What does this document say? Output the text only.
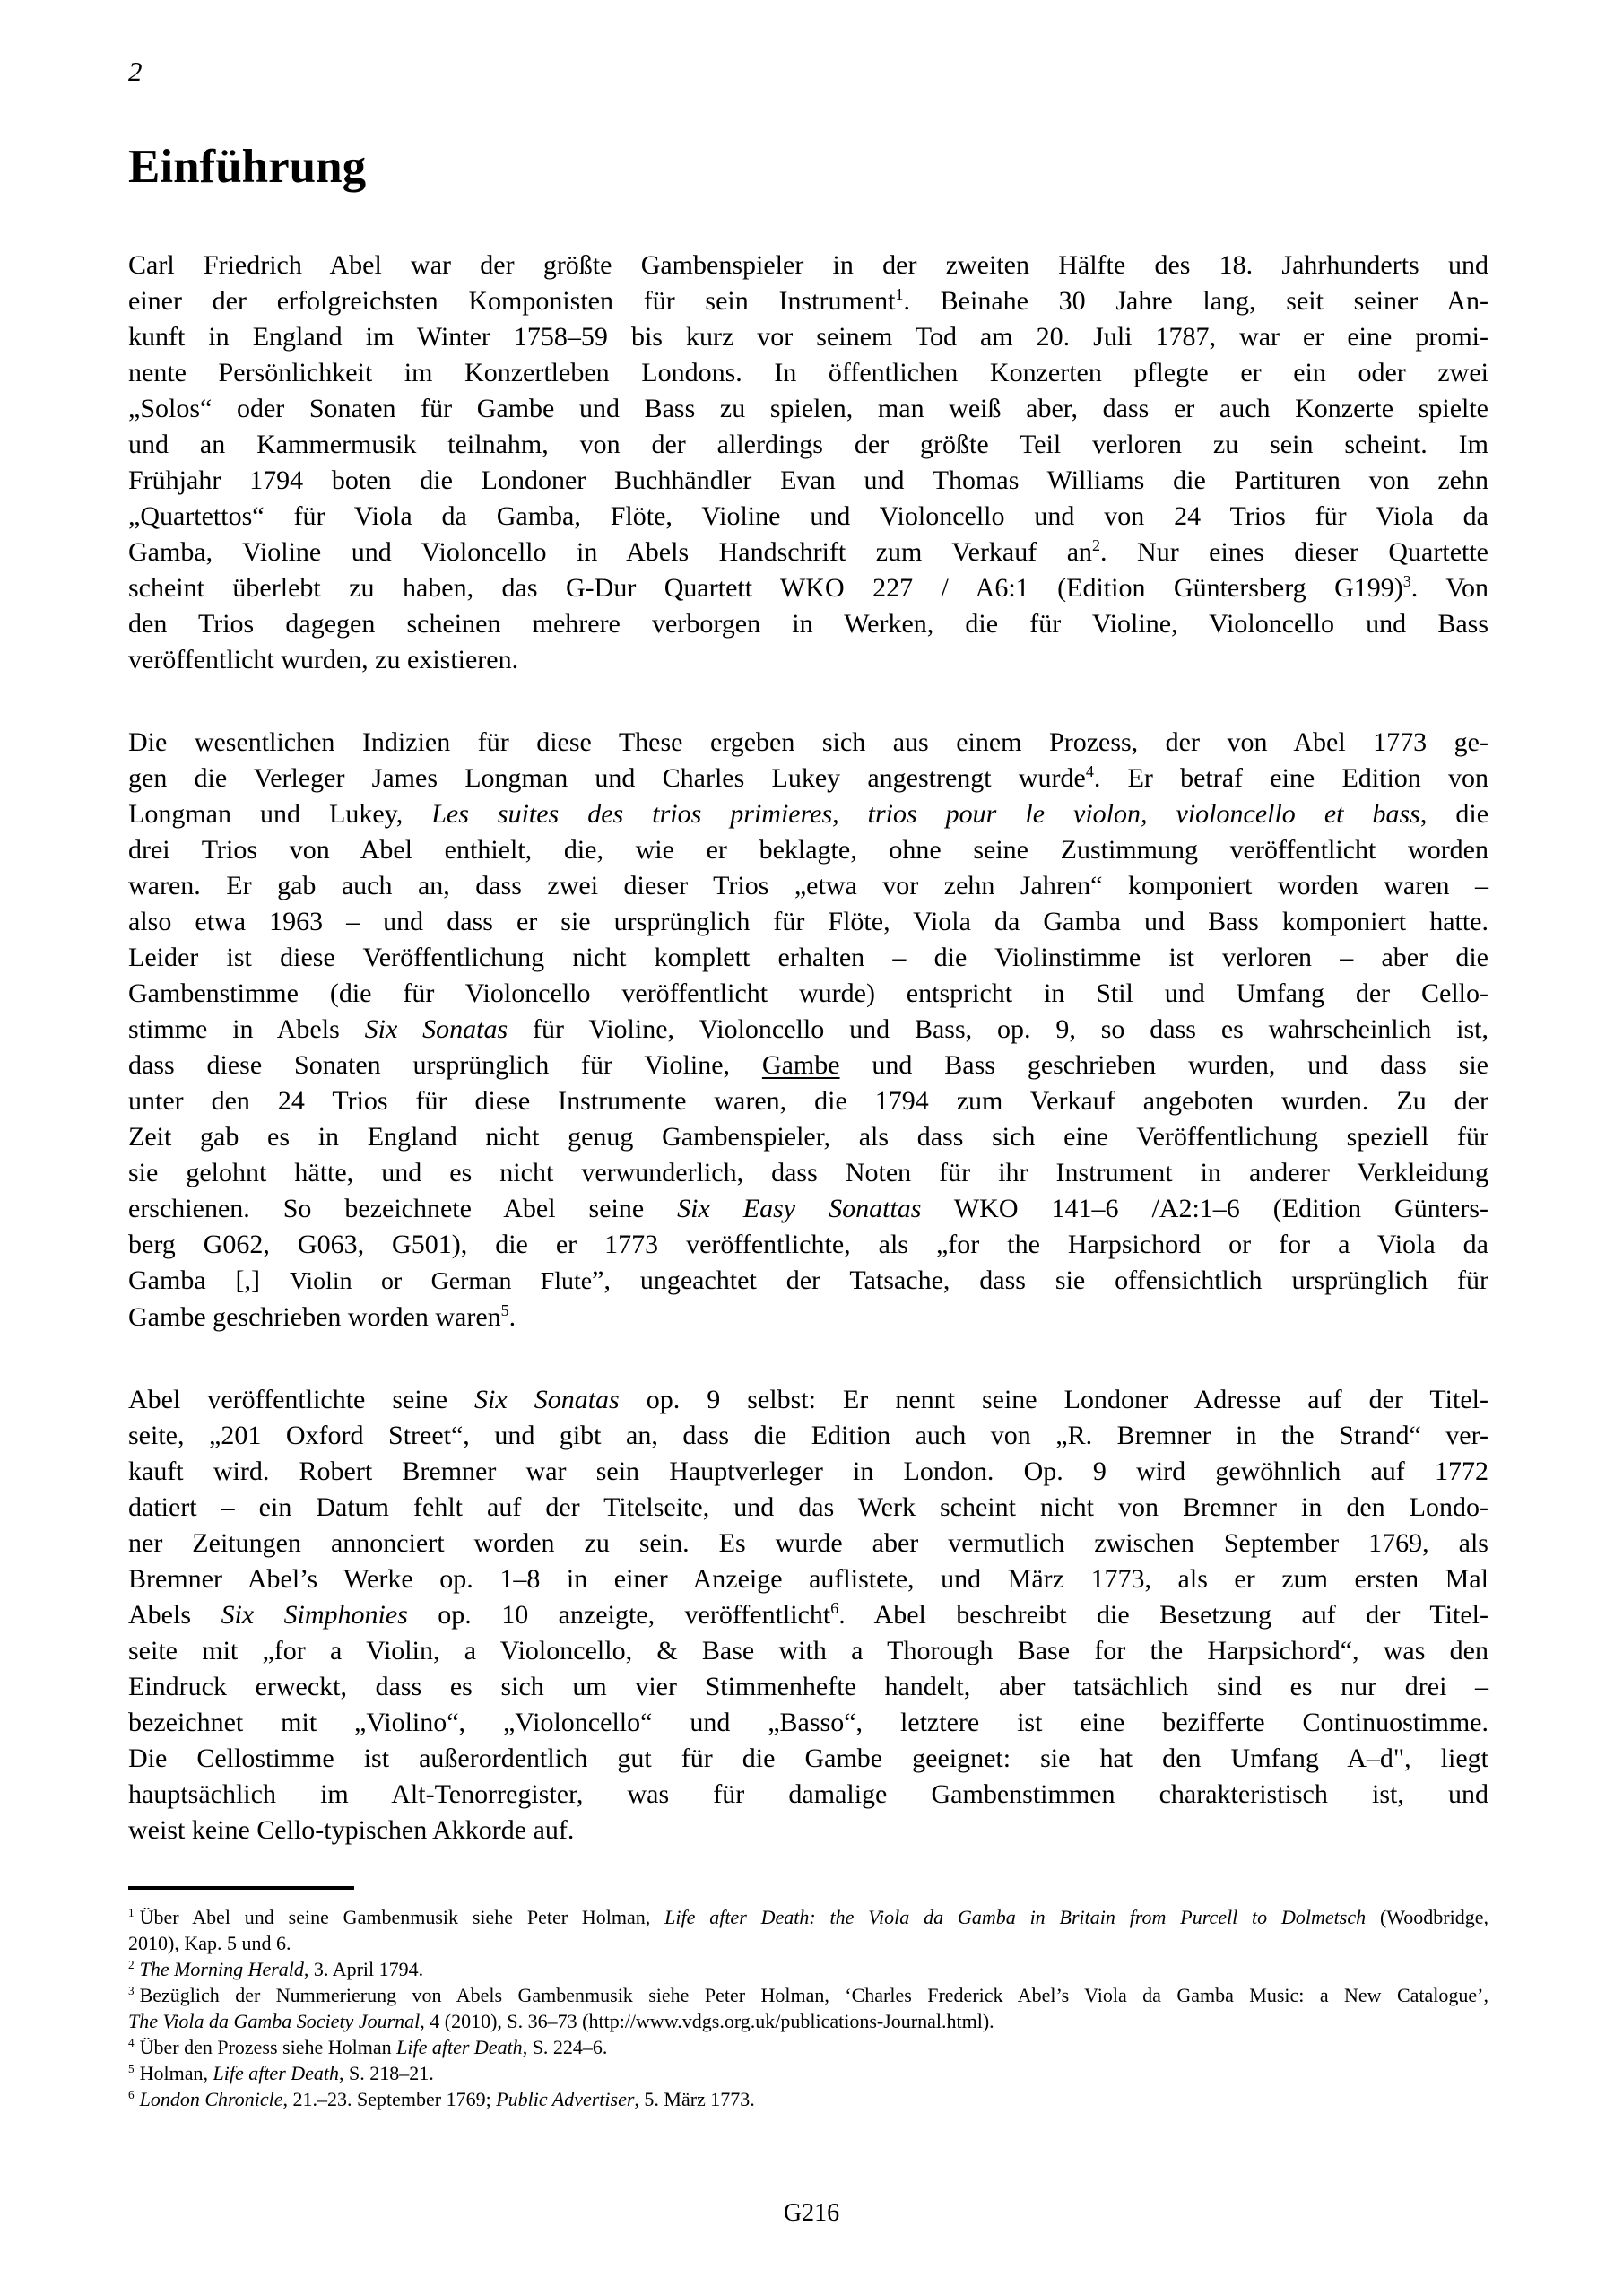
2
Einführung
Carl Friedrich Abel war der größte Gambenspieler in der zweiten Hälfte des 18. Jahrhunderts und
einer der erfolgreichsten Komponisten für sein Instrument$^1$. Beinahe 30 Jahre lang, seit seiner An-
kunft in England im Winter 1758–59 bis kurz vor seinem Tod am 20. Juli 1787, war er eine promi-
nente Persönlichkeit im Konzertleben Londons. In öffentlichen Konzerten pflegte er ein oder zwei
„Solos“ oder Sonaten für Gambe und Bass zu spielen, man weiß aber, dass er auch Konzerte spielte
und an Kammermusik teilnahm, von der allerdings der größte Teil verloren zu sein scheint. Im
Frühjahr 1794 boten die Londoner Buchhändler Evan und Thomas Williams die Partituren von zehn
„Quartettos“ für Viola da Gamba, Flöte, Violine und Violoncello und von 24 Trios für Viola da
Gamba, Violine und Violoncello in Abels Handschrift zum Verkauf $an^2$. Nur eines dieser Quartette
scheint überlebt zu haben, das G-Dur Quartett WKO 227 / A6:1 (Edition Güntersberg G199)$^3$. Von
den Trios dagegen scheinen mehrere verborgen in Werken, die für Violine, Violoncello und Bass
veröffentlicht wurden, zu existieren.
Die wesentlichen Indizien für diese These ergeben sich aus einem Prozess, der von Abel 1773 ge-
gen die Verleger James Longman und Charles Lukey angestrengt wurde$^4$. Er betraf eine Edition von
Longman und Lukey, Les suites des trios primieres, trios pour le violon, violoncello et bass, die
drei Trios von Abel enthielt, die, wie er beklagte, ohne seine Zustimmung veröffentlicht worden
waren. Er gab auch an, dass zwei dieser Trios „etwa vor zehn Jahren“ komponiert worden waren –
also etwa 1963 – und dass er sie ursprünglich für Flöte, Viola da Gamba und Bass komponiert hatte.
Leider ist diese Veröffentlichung nicht komplett erhalten – die Violinstimme ist verloren – aber die
Gambenstimme (die für Violoncello veröffentlicht wurde) entspricht in Stil und Umfang der Cello-
stimme in Abels Six Sonatas für Violine, Violoncello und Bass, op. 9, so dass es wahrscheinlich ist,
dass diese Sonaten ursprünglich für Violine, Gambe und Bass geschrieben wurden, und dass sie
unter den 24 Trios für diese Instrumente waren, die 1794 zum Verkauf angeboten wurden. Zu der
Zeit gab es in England nicht genug Gambenspieler, als dass sich eine Veröffentlichung speziell für
sie gelohnt hätte, und es nicht verwunderlich, dass Noten für ihr Instrument in anderer Verkleidung
erschienen. So bezeichnete Abel seine Six Easy Sonattas WKO 141–6 /A2:1–6 (Edition Günters-
berg G062, G063, G501), die er 1773 veröffentlichte, als „for the Harpsichord or for a Viola da
Gamba [,] Violin or German Flute”, ungeachtet der Tatsache, dass sie offensichtlich ursprünglich für
Gambe geschrieben worden waren$^5$.
Abel veröffentlichte seine Six Sonatas op. 9 selbst: Er nennt seine Londoner Adresse auf der Titel-
seite, „201 Oxford Street“, und gibt an, dass die Edition auch von „R. Bremner in the Strand“ ver-
kauft wird. Robert Bremner war sein Hauptverleger in London. Op. 9 wird gewöhnlich auf 1772
datiert – ein Datum fehlt auf der Titelseite, und das Werk scheint nicht von Bremner in den Londo-
ner Zeitungen annonciert worden zu sein. Es wurde aber vermutlich zwischen September 1769, als
Bremner Abel’s Werke op. 1–8 in einer Anzeige auflistete, und März 1773, als er zum ersten Mal
Abels Six Simphonies op. 10 anzeigte, veröffentlicht$^6$. Abel beschreibt die Besetzung auf der Titel-
seite mit „for a Violin, a Violoncello, & Base with a Thorough Base for the Harpsichord“, was den
Eindruck erweckt, dass es sich um vier Stimmenhefte handelt, aber tatsächlich sind es nur drei –
bezeichnet mit „Violino“, „Violoncello“ und „Basso“, letztere ist eine bezifferte Continuostimme.
Die Cellostimme ist außerordentlich gut für die Gambe geeignet: sie hat den Umfang A–d", liegt
hauptsächlich im Alt-Tenorregister, was für damalige Gambenstimmen charakteristisch ist, und
weist keine Cello-typischen Akkorde auf.
$^1$ Über Abel und seine Gambenmusik siehe Peter Holman, Life after Death: the Viola da Gamba in Britain from Purcell to Dolmetsch (Woodbridge,
2010), Kap. 5 und 6.
$^2$ The Morning Herald, 3. April 1794.
$^3$ Bezüglich der Nummerierung von Abels Gambenmusik siehe Peter Holman, ‘Charles Frederick Abel’s Viola da Gamba Music: a New Catalogue’,
The Viola da Gamba Society Journal, 4 (2010), S. 36–73 (http://www.vdgs.org.uk/publications-Journal.html).
$^4$ Über den Prozess siehe Holman Life after Death, S. 224–6.
$^5$ Holman, Life after Death, S. 218–21.
$^6$ London Chronicle, 21.–23. September 1769; Public Advertiser, 5. März 1773.
G216
